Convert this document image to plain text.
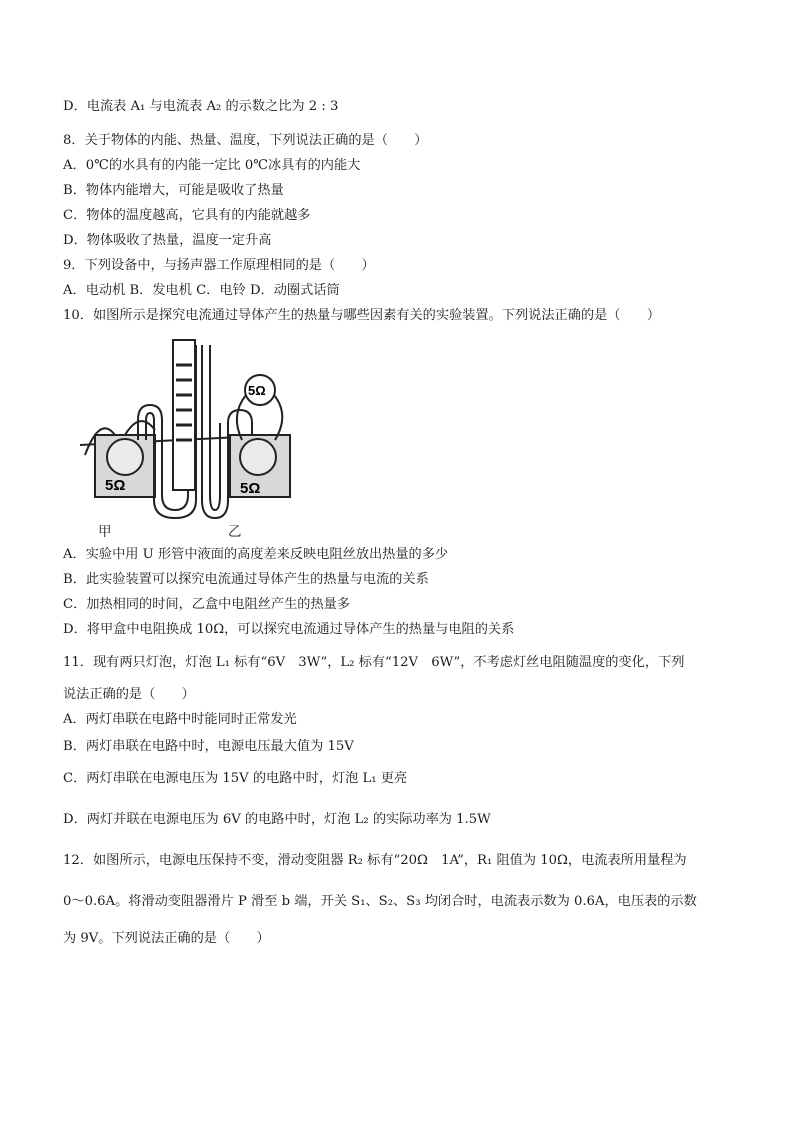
D．电流表 A₁ 与电流表 A₂ 的示数之比为 2 : 3
8．关于物体的内能、热量、温度，下列说法正确的是（　　）
A．0℃的水具有的内能一定比 0℃冰具有的内能大
B．物体内能增大，可能是吸收了热量
C．物体的温度越高，它具有的内能就越多
D．物体吸收了热量，温度一定升高
9．下列设备中，与扬声器工作原理相同的是（　　）
A．电动机 B．发电机 C．电铃 D．动圈式话筒
10．如图所示是探究电流通过导体产生的热量与哪些因素有关的实验装置。下列说法正确的是（　　）
5Ω	5Ω
5Ω
甲	乙
A．实验中用 U 形管中液面的高度差来反映电阻丝放出热量的多少
B．此实验装置可以探究电流通过导体产生的热量与电流的关系
C．加热相同的时间，乙盒中电阻丝产生的热量多
D．将甲盒中电阻换成 10Ω，可以探究电流通过导体产生的热量与电阻的关系
11．现有两只灯泡，灯泡 L₁ 标有“6V　3W”，L₂ 标有“12V　6W”，不考虑灯丝电阻随温度的变化，下列
说法正确的是（　　）
A．两灯串联在电路中时能同时正常发光
B．两灯串联在电路中时，电源电压最大值为 15V
C．两灯串联在电源电压为 15V 的电路中时，灯泡 L₁ 更亮
D．两灯并联在电源电压为 6V 的电路中时，灯泡 L₂ 的实际功率为 1.5W
12．如图所示，电源电压保持不变，滑动变阻器 R₂ 标有“20Ω　1A”，R₁ 阻值为 10Ω，电流表所用量程为
0～0.6A。将滑动变阻器滑片 P 滑至 b 端，开关 S₁、S₂、S₃ 均闭合时，电流表示数为 0.6A，电压表的示数
为 9V。下列说法正确的是（　　）
